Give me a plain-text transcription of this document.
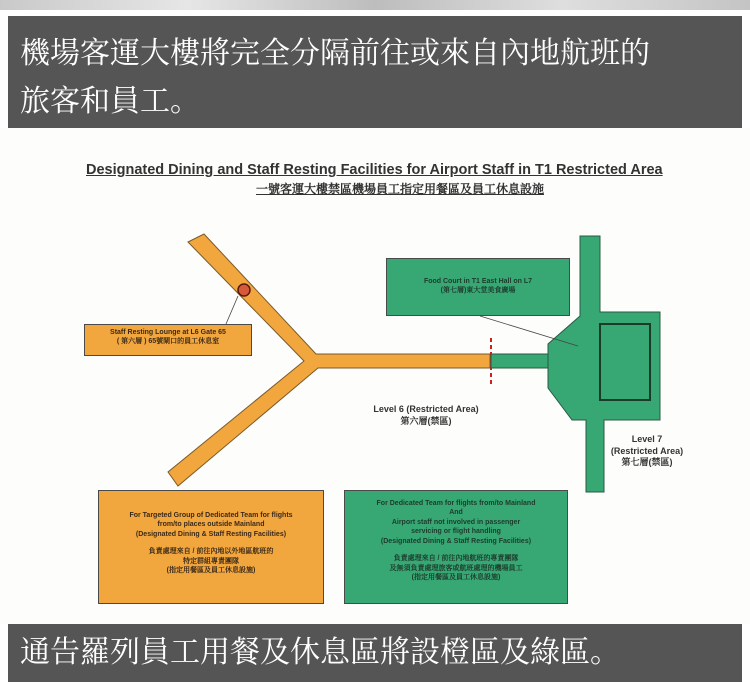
機場客運大樓將完全分隔前往或來自內地航班的
旅客和員工。
Designated Dining and Staff Resting Facilities for Airport Staff in T1 Restricted Area
一號客運大樓禁區機場員工指定用餐區及員工休息設施
Staff Resting Lounge at L6 Gate 65
( 第六層 ) 65號閘口的員工休息室
Food Court in T1 East Hall on L7
(第七層)東大堂美食廣場
Level 6 (Restricted Area)
第六層(禁區)
Level 7
(Restricted Area)
第七層(禁區)
For Targeted Group of Dedicated Team for flights
from/to places outside Mainland
(Designated Dining & Staff Resting Facilities)
負責處理來自 / 前往內地以外地區航班的
特定群組專責團隊
(指定用餐區及員工休息設施)
For Dedicated Team for flights from/to Mainland
And
Airport staff not involved in passenger
servicing or flight handling
(Designated Dining & Staff Resting Facilities)
負責處理來自 / 前往內地航班的專責團隊
及無須負責處理旅客或航班處理的機場員工
(指定用餐區及員工休息設施)
通告羅列員工用餐及休息區將設橙區及綠區。
